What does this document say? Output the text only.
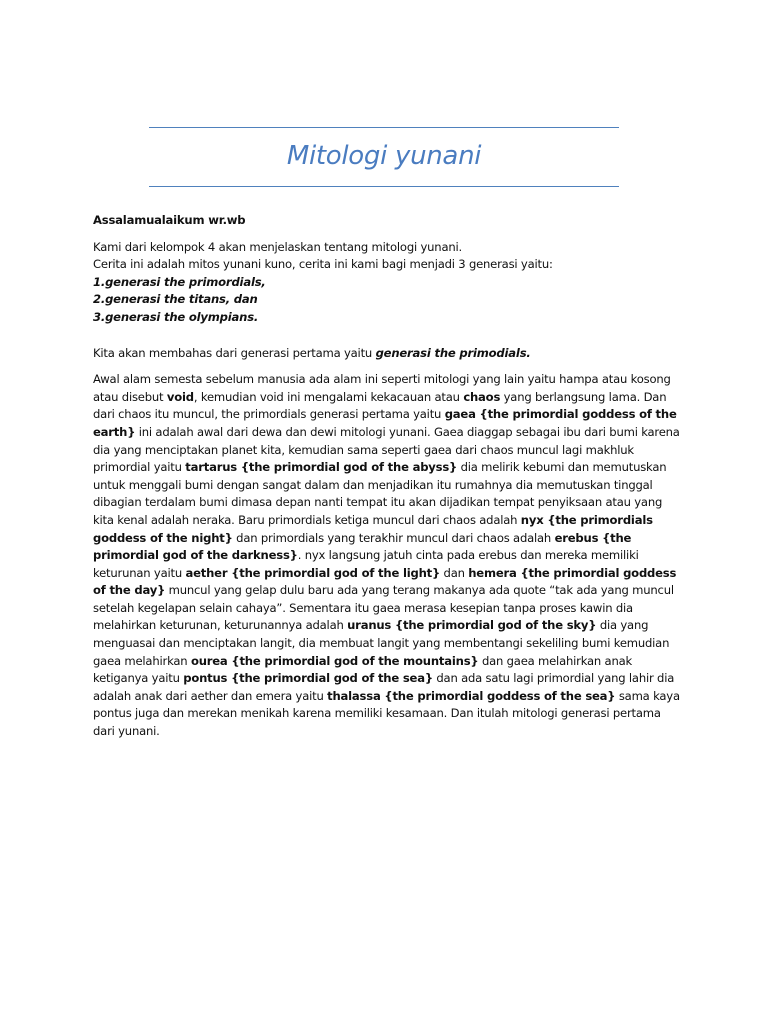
Mitologi yunani

Assalamualaikum wr.wb

Kami dari kelompok 4 akan menjelaskan tentang mitologi yunani.
Cerita ini adalah mitos yunani kuno, cerita ini kami bagi menjadi 3 generasi yaitu:
1.generasi the primordials,
2.generasi the titans, dan
3.generasi the olympians.

Kita akan membahas dari generasi pertama yaitu generasi the primodials.

Awal alam semesta sebelum manusia ada alam ini seperti mitologi yang lain yaitu hampa atau kosong atau disebut void, kemudian void ini mengalami kekacauan atau chaos yang berlangsung lama. Dan dari chaos itu muncul, the primordials generasi pertama yaitu gaea {the primordial goddess of the earth} ini adalah awal dari dewa dan dewi mitologi yunani. Gaea diaggap sebagai ibu dari bumi karena dia yang menciptakan planet kita, kemudian sama seperti gaea dari chaos muncul lagi makhluk primordial yaitu tartarus {the primordial god of the abyss} dia melirik kebumi dan memutuskan untuk menggali bumi dengan sangat dalam dan menjadikan itu rumahnya dia memutuskan tinggal dibagian terdalam bumi dimasa depan nanti tempat itu akan dijadikan tempat penyiksaan atau yang kita kenal adalah neraka. Baru primordials ketiga muncul dari chaos adalah nyx {the primordials goddess of the night} dan primordials yang terakhir muncul dari chaos adalah erebus {the primordial god of the darkness}. nyx langsung jatuh cinta pada erebus dan mereka memiliki keturunan yaitu aether {the primordial god of the light} dan hemera {the primordial goddess of the day} muncul yang gelap dulu baru ada yang terang makanya ada quote “tak ada yang muncul setelah kegelapan selain cahaya”. Sementara itu gaea merasa kesepian tanpa proses kawin dia melahirkan keturunan, keturunannya adalah uranus {the primordial god of the sky} dia yang menguasai dan menciptakan langit, dia membuat langit yang membentangi sekeliling bumi kemudian gaea melahirkan ourea {the primordial god of the mountains} dan gaea melahirkan anak ketiganya yaitu pontus {the primordial god of the sea} dan ada satu lagi primordial yang lahir dia adalah anak dari aether dan emera yaitu thalassa {the primordial goddess of the sea} sama kaya pontus juga dan merekan menikah karena memiliki kesamaan. Dan itulah mitologi generasi pertama dari yunani.
